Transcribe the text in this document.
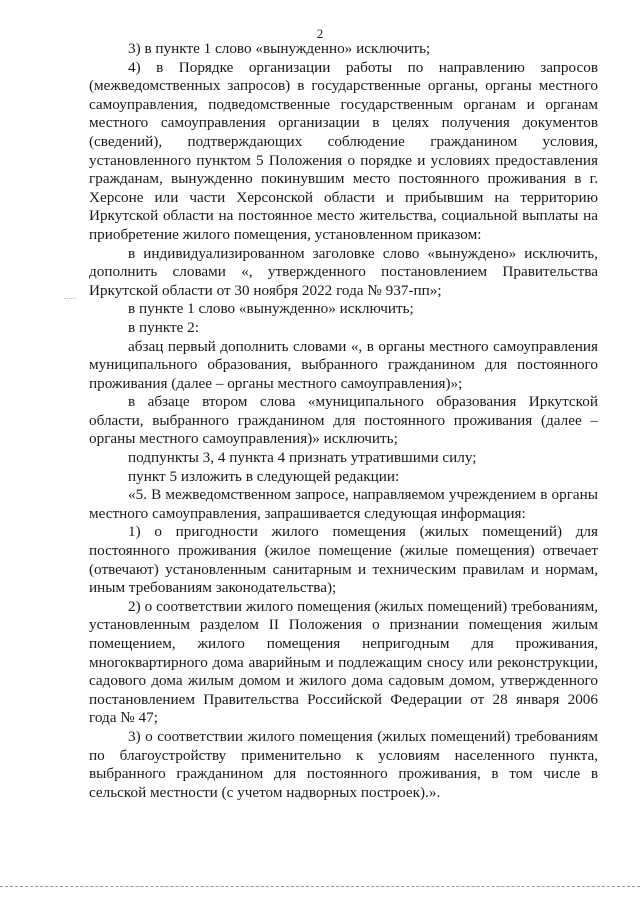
2

3) в пункте 1 слово «вынужденно» исключить;

4) в Порядке организации работы по направлению запросов (межведомственных запросов) в государственные органы, органы местного самоуправления, подведомственные государственным органам и органам местного самоуправления организации в целях получения документов (сведений), подтверждающих соблюдение гражданином условия, установленного пунктом 5 Положения о порядке и условиях предоставления гражданам, вынужденно покинувшим место постоянного проживания в г. Херсоне или части Херсонской области и прибывшим на территорию Иркутской области на постоянное место жительства, социальной выплаты на приобретение жилого помещения, установленном приказом:

в индивидуализированном заголовке слово «вынуждено» исключить, дополнить словами «, утвержденного постановлением Правительства Иркутской области от 30 ноября 2022 года № 937-пп»;

в пункте 1 слово «вынужденно» исключить;

в пункте 2:

абзац первый дополнить словами «, в органы местного самоуправления муниципального образования, выбранного гражданином для постоянного проживания (далее – органы местного самоуправления)»;

в абзаце втором слова «муниципального образования Иркутской области, выбранного гражданином для постоянного проживания (далее – органы местного самоуправления)» исключить;

подпункты 3, 4 пункта 4 признать утратившими силу;

пункт 5 изложить в следующей редакции:

«5. В межведомственном запросе, направляемом учреждением в органы местного самоуправления, запрашивается следующая информация:

1) о пригодности жилого помещения (жилых помещений) для постоянного проживания (жилое помещение (жилые помещения) отвечает (отвечают) установленным санитарным и техническим правилам и нормам, иным требованиям законодательства);

2) о соответствии жилого помещения (жилых помещений) требованиям, установленным разделом II Положения о признании помещения жилым помещением, жилого помещения непригодным для проживания, многоквартирного дома аварийным и подлежащим сносу или реконструкции, садового дома жилым домом и жилого дома садовым домом, утвержденного постановлением Правительства Российской Федерации от 28 января 2006 года № 47;

3) о соответствии жилого помещения (жилых помещений) требованиям по благоустройству применительно к условиям населенного пункта, выбранного гражданином для постоянного проживания, в том числе в сельской местности (с учетом надворных построек).».
